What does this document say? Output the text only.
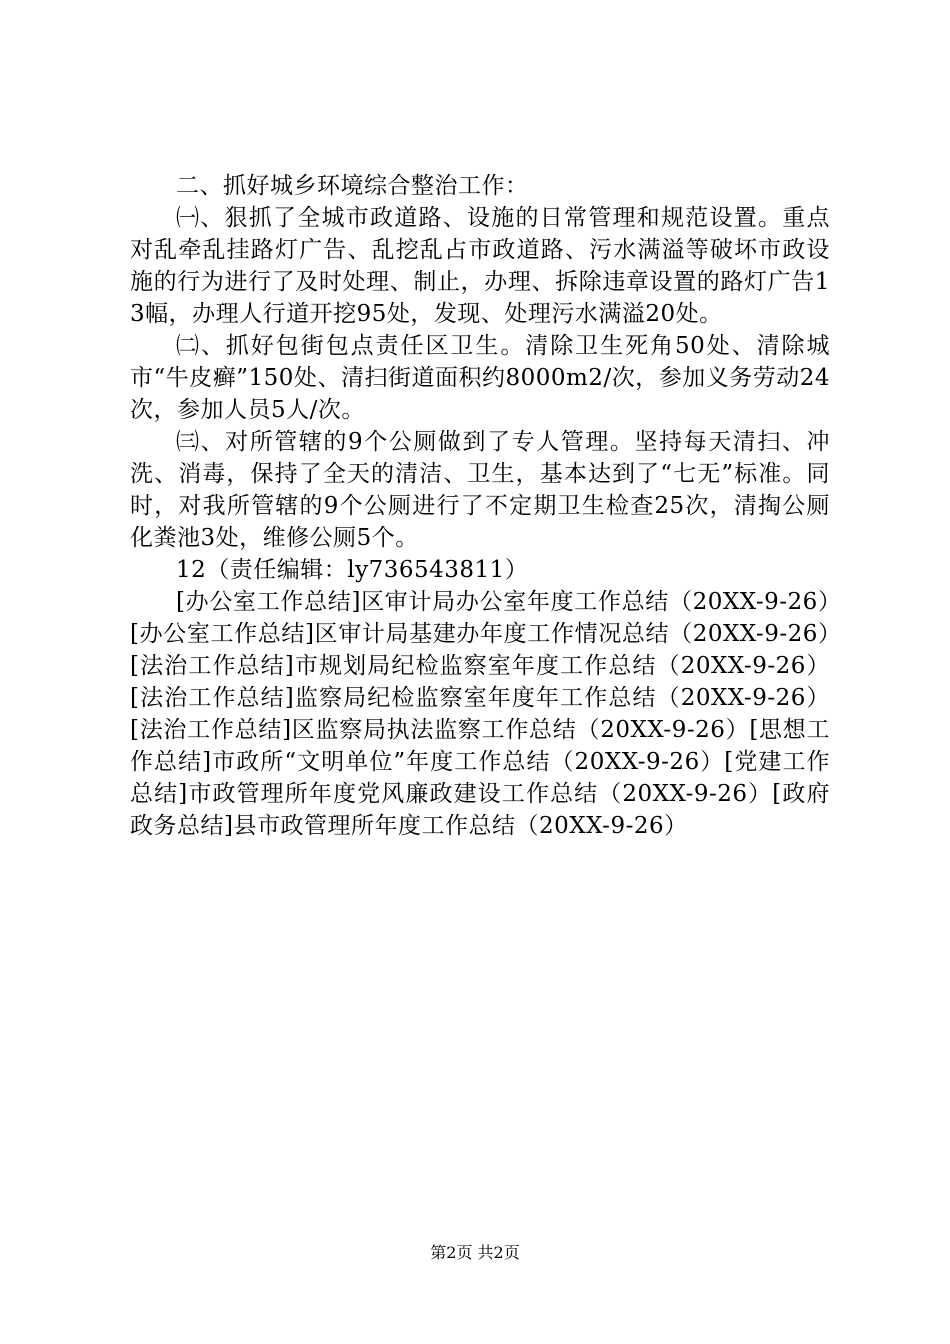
二、抓好城乡环境综合整治工作：

㈠、狠抓了全城市政道路、设施的日常管理和规范设置。重点对乱牵乱挂路灯广告、乱挖乱占市政道路、污水满溢等破坏市政设施的行为进行了及时处理、制止，办理、拆除违章设置的路灯广告13幅，办理人行道开挖95处，发现、处理污水满溢20处。

㈡、抓好包街包点责任区卫生。清除卫生死角50处、清除城市“牛皮癣”150处、清扫街道面积约8000m2/次，参加义务劳动24次，参加人员5人/次。

㈢、对所管辖的9个公厕做到了专人管理。坚持每天清扫、冲洗、消毒，保持了全天的清洁、卫生，基本达到了“七无”标准。同时，对我所管辖的9个公厕进行了不定期卫生检查25次，清掏公厕化粪池3处，维修公厕5个。

12（责任编辑：ly736543811）

[办公室工作总结]区审计局办公室年度工作总结（20XX-9-26）[办公室工作总结]区审计局基建办年度工作情况总结（20XX-9-26）[法治工作总结]市规划局纪检监察室年度工作总结（20XX-9-26）[法治工作总结]监察局纪检监察室年度年工作总结（20XX-9-26）[法治工作总结]区监察局执法监察工作总结（20XX-9-26）[思想工作总结]市政所“文明单位”年度工作总结（20XX-9-26）[党建工作总结]市政管理所年度党风廉政建设工作总结（20XX-9-26）[政府政务总结]县市政管理所年度工作总结（20XX-9-26）

第2页 共2页
